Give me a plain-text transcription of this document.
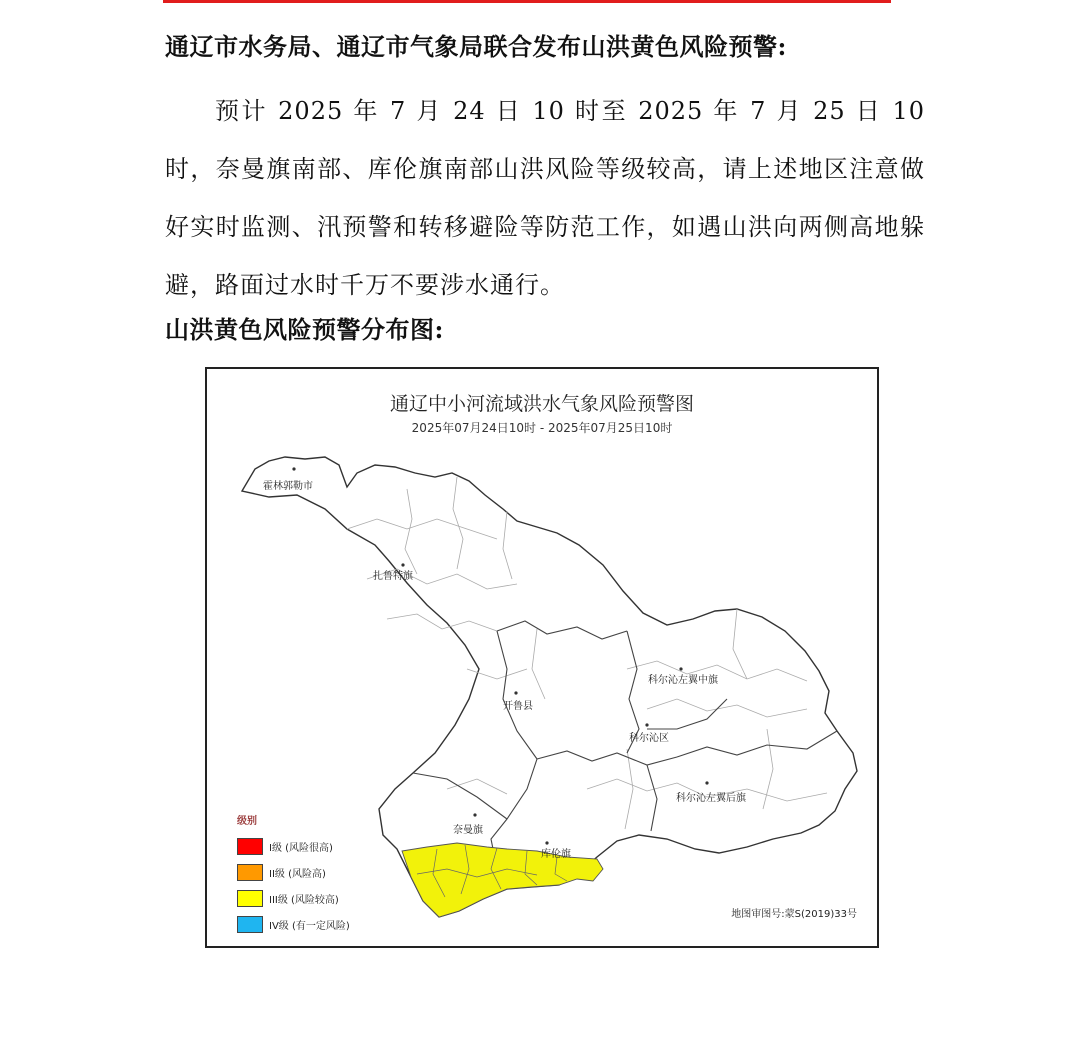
通辽市水务局、通辽市气象局联合发布山洪黄色风险预警:

预计 2025 年 7 月 24 日 10 时至 2025 年 7 月 25 日 10 时，奈曼旗南部、库伦旗南部山洪风险等级较高，请上述地区注意做好实时监测、汛预警和转移避险等防范工作，如遇山洪向两侧高地躲避，路面过水时千万不要涉水通行。

山洪黄色风险预警分布图:
通辽中小河流域洪水气象风险预警图
2025年07月24日10时 - 2025年07月25日10时
霍林郭勒市
扎鲁特旗
科尔沁左翼中旗
开鲁县
科尔沁区
科尔沁左翼后旗
奈曼旗
库伦旗
级别
I级 (风险很高)
II级 (风险高)
III级 (风险较高)
IV级 (有一定风险)
地图审图号:蒙S(2019)33号
